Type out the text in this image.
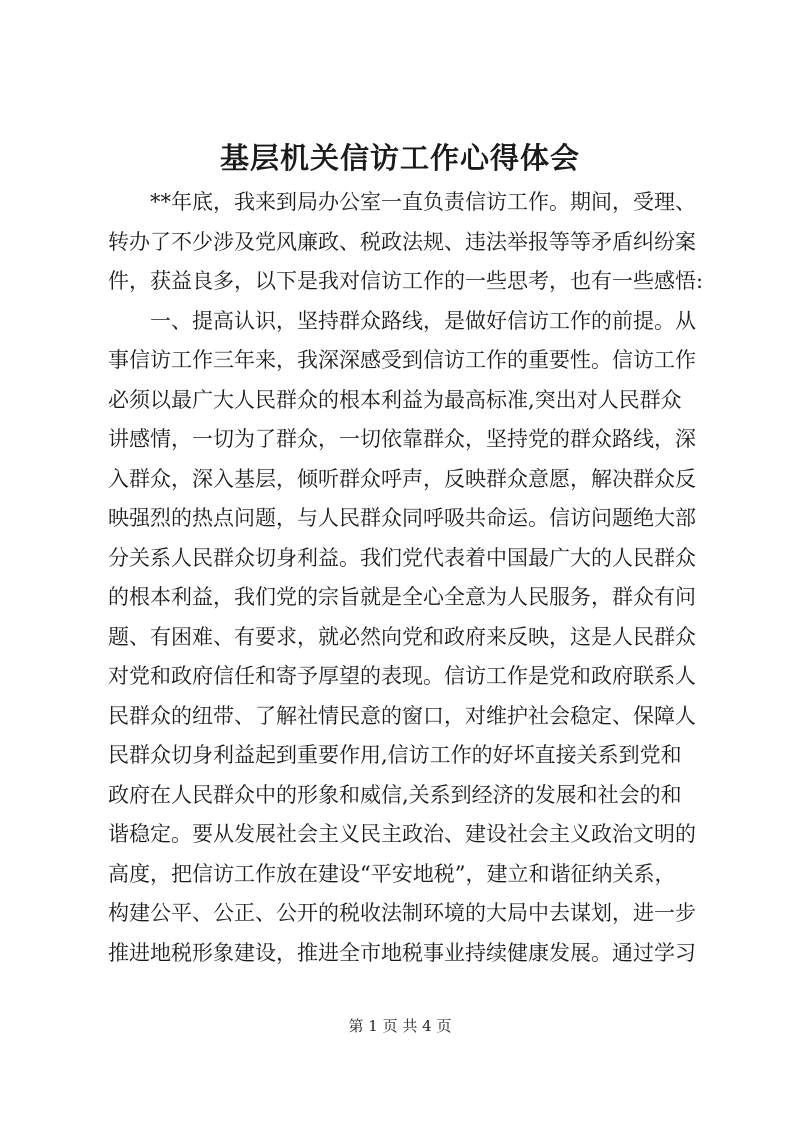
基层机关信访工作心得体会
**年底，我来到局办公室一直负责信访工作。期间，受理、
转办了不少涉及党风廉政、税政法规、违法举报等等矛盾纠纷案
件，获益良多，以下是我对信访工作的一些思考，也有一些感悟:
一、提高认识，坚持群众路线，是做好信访工作的前提。从
事信访工作三年来，我深深感受到信访工作的重要性。信访工作
必须以最广大人民群众的根本利益为最高标准,突出对人民群众
讲感情，一切为了群众，一切依靠群众，坚持党的群众路线，深
入群众，深入基层，倾听群众呼声，反映群众意愿，解决群众反
映强烈的热点问题，与人民群众同呼吸共命运。信访问题绝大部
分关系人民群众切身利益。我们党代表着中国最广大的人民群众
的根本利益，我们党的宗旨就是全心全意为人民服务，群众有问
题、有困难、有要求，就必然向党和政府来反映，这是人民群众
对党和政府信任和寄予厚望的表现。信访工作是党和政府联系人
民群众的纽带、了解社情民意的窗口，对维护社会稳定、保障人
民群众切身利益起到重要作用,信访工作的好坏直接关系到党和
政府在人民群众中的形象和威信,关系到经济的发展和社会的和
谐稳定。要从发展社会主义民主政治、建设社会主义政治文明的
高度，把信访工作放在建设“平安地税”，建立和谐征纳关系，
构建公平、公正、公开的税收法制环境的大局中去谋划，进一步
推进地税形象建设，推进全市地税事业持续健康发展。通过学习
第 1 页 共 4 页
